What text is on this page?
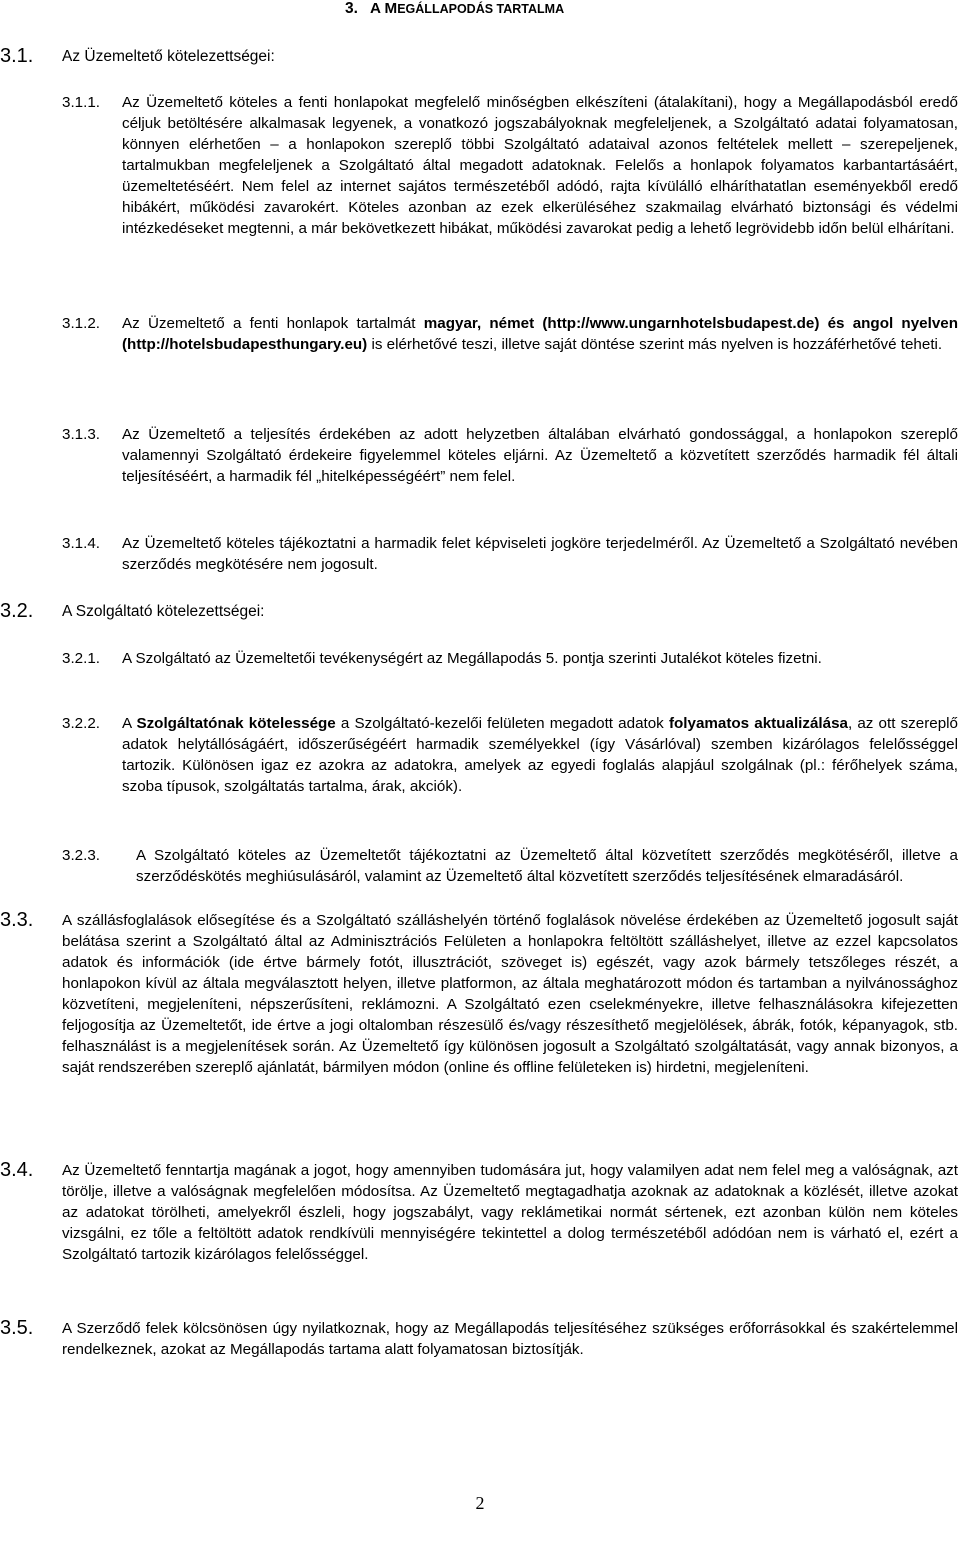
3. A MEGÁLLAPODÁS TARTALMA
3.1. Az Üzemeltető kötelezettségei:
3.1.1.	Az Üzemeltető köteles a fenti honlapokat megfelelő minőségben elkészíteni (átalakítani), hogy a Megállapodásból eredő céljuk betöltésére alkalmasak legyenek, a vonatkozó jogszabályoknak megfeleljenek, a Szolgáltató adatai folyamatosan, könnyen elérhetően – a honlapokon szereplő többi Szolgáltató adataival azonos feltételek mellett – szerepeljenek, tartalmukban megfeleljenek a Szolgáltató által megadott adatoknak. Felelős a honlapok folyamatos karbantartásáért, üzemeltetéséért. Nem felel az internet sajátos természetéből adódó, rajta kívülálló elháríthatatlan eseményekből eredő hibákért, működési zavarokért. Köteles azonban az ezek elkerüléséhez szakmailag elvárható biztonsági és védelmi intézkedéseket megtenni, a már bekövetkezett hibákat, működési zavarokat pedig a lehető legrövidebb időn belül elhárítani.

3.1.2.	Az Üzemeltető a fenti honlapok tartalmát magyar, német (http://www.ungarnhotelsbudapest.de) és angol nyelven (http://hotelsbudapesthungary.eu) is elérhetővé teszi, illetve saját döntése szerint más nyelven is hozzáférhetővé teheti.

3.1.3.	Az Üzemeltető a teljesítés érdekében az adott helyzetben általában elvárható gondossággal, a honlapokon szereplő valamennyi Szolgáltató érdekeire figyelemmel köteles eljárni. Az Üzemeltető a közvetített szerződés harmadik fél általi teljesítéséért, a harmadik fél „hitelképességéért” nem felel.

3.1.4.	Az Üzemeltető köteles tájékoztatni a harmadik felet képviseleti jogköre terjedelméről. Az Üzemeltető a Szolgáltató nevében szerződés megkötésére nem jogosult.

3.2. A Szolgáltató kötelezettségei:
3.2.1.	A Szolgáltató az Üzemeltetői tevékenységért az Megállapodás 5. pontja szerinti Jutalékot köteles fizetni.

3.2.2.	A Szolgáltatónak kötelessége a Szolgáltató-kezelői felületen megadott adatok folyamatos aktualizálása, az ott szereplő adatok helytállóságáért, időszerűségéért harmadik személyekkel (így Vásárlóval) szemben kizárólagos felelősséggel tartozik. Különösen igaz ez azokra az adatokra, amelyek az egyedi foglalás alapjául szolgálnak (pl.: férőhelyek száma, szoba típusok, szolgáltatás tartalma, árak, akciók).

3.2.3.	A Szolgáltató köteles az Üzemeltetőt tájékoztatni az Üzemeltető által közvetített szerződés megkötéséről, illetve a szerződéskötés meghiúsulásáról, valamint az Üzemeltető által közvetített szerződés teljesítésének elmaradásáról.

3.3. A szállásfoglalások elősegítése és a Szolgáltató szálláshelyén történő foglalások növelése érdekében az Üzemeltető jogosult saját belátása szerint a Szolgáltató által az Adminisztrációs Felületen a honlapokra feltöltött szálláshelyet, illetve az ezzel kapcsolatos adatok és információk (ide értve bármely fotót, illusztrációt, szöveget is) egészét, vagy azok bármely tetszőleges részét, a honlapokon kívül az általa megválasztott helyen, illetve platformon, az általa meghatározott módon és tartamban a nyilvánossághoz közvetíteni, megjeleníteni, népszerűsíteni, reklámozni. A Szolgáltató ezen cselekményekre, illetve felhasználásokra kifejezetten feljogosítja az Üzemeltetőt, ide értve a jogi oltalomban részesülő és/vagy részesíthető megjelölések, ábrák, fotók, képanyagok, stb. felhasználást is a megjelenítések során. Az Üzemeltető így különösen jogosult a Szolgáltató szolgáltatását, vagy annak bizonyos, a saját rendszerében szereplő ajánlatát, bármilyen módon (online és offline felületeken is) hirdetni, megjeleníteni.

3.4. Az Üzemeltető fenntartja magának a jogot, hogy amennyiben tudomására jut, hogy valamilyen adat nem felel meg a valóságnak, azt törölje, illetve a valóságnak megfelelően módosítsa. Az Üzemeltető megtagadhatja azoknak az adatoknak a közlését, illetve azokat az adatokat törölheti, amelyekről észleli, hogy jogszabályt, vagy reklámetikai normát sértenek, ezt azonban külön nem köteles vizsgálni, ez tőle a feltöltött adatok rendkívüli mennyiségére tekintettel a dolog természetéből adódóan nem is várható el, ezért a Szolgáltató tartozik kizárólagos felelősséggel.

3.5. A Szerződő felek kölcsönösen úgy nyilatkoznak, hogy az Megállapodás teljesítéséhez szükséges erőforrásokkal és szakértelemmel rendelkeznek, azokat az Megállapodás tartama alatt folyamatosan biztosítják.

2
